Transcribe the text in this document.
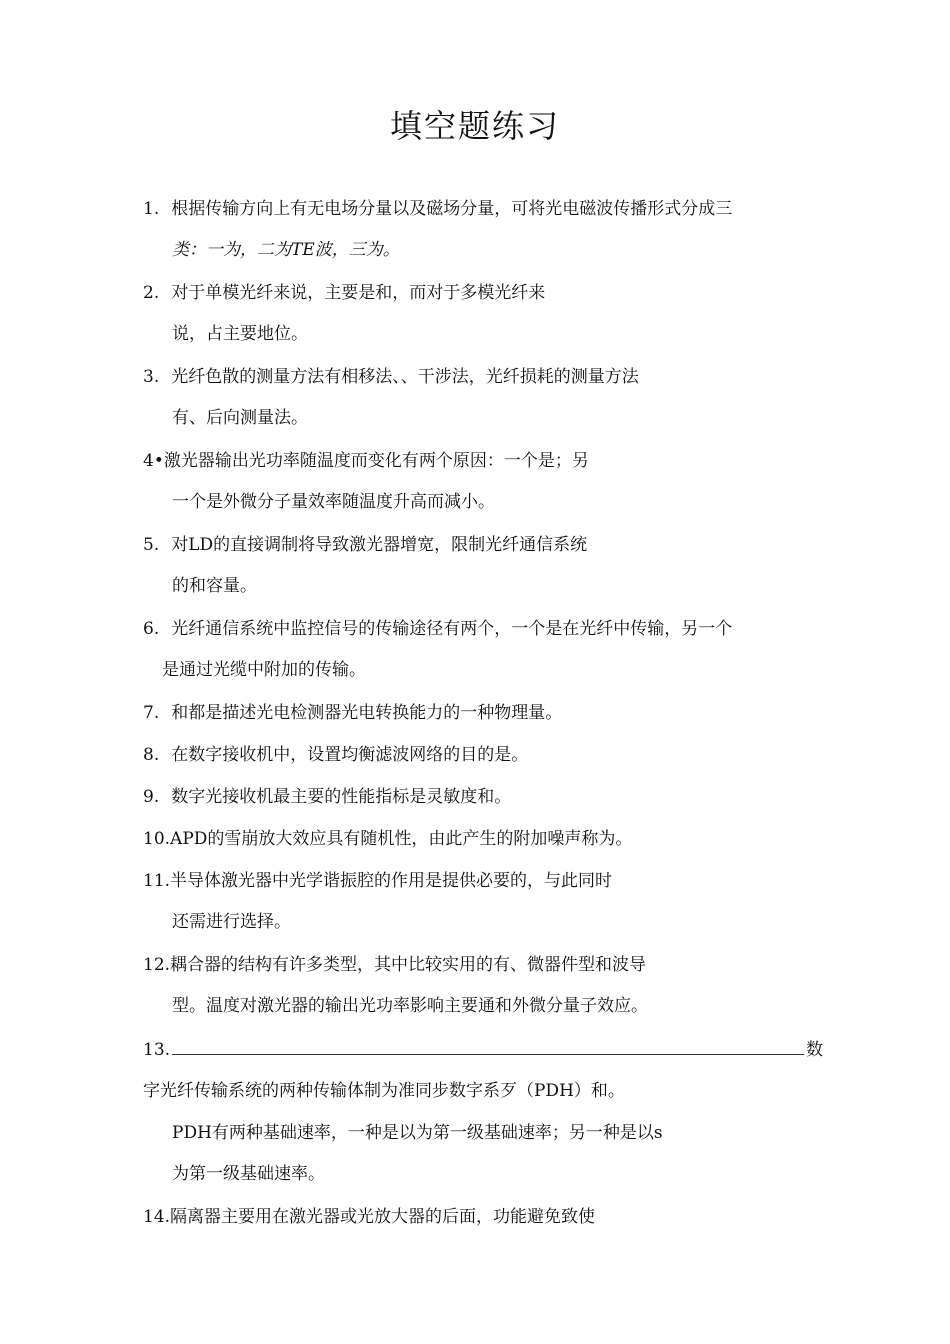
填空题练习
1. 根据传输方向上有无电场分量以及磁场分量，可将光电磁波传播形式分成三
类：一为，二为TE波，三为。
2. 对于单模光纤来说，主要是和，而对于多模光纤来
说，占主要地位。
3. 光纤色散的测量方法有相移法、、干涉法，光纤损耗的测量方法
有、后向测量法。
4•激光器输出光功率随温度而变化有两个原因：一个是；另
一个是外微分子量效率随温度升高而减小。
5. 对LD的直接调制将导致激光器增宽，限制光纤通信系统
的和容量。
6. 光纤通信系统中监控信号的传输途径有两个，一个是在光纤中传输，另一个
是通过光缆中附加的传输。
7. 和都是描述光电检测器光电转换能力的一种物理量。
8. 在数字接收机中，设置均衡滤波网络的目的是。
9. 数字光接收机最主要的性能指标是灵敏度和。
10.APD的雪崩放大效应具有随机性，由此产生的附加噪声称为。
11.半导体激光器中光学谐振腔的作用是提供必要的，与此同时
还需进行选择。
12.耦合器的结构有许多类型，其中比较实用的有、微器件型和波导
型。温度对激光器的输出光功率影响主要通和外微分量子效应。
13.	数
字光纤传输系统的两种传输体制为准同步数字系歹（PDH）和。
PDH有两种基础速率，一种是以为第一级基础速率；另一种是以s
为第一级基础速率。
14.隔离器主要用在激光器或光放大器的后面，功能避免致使
